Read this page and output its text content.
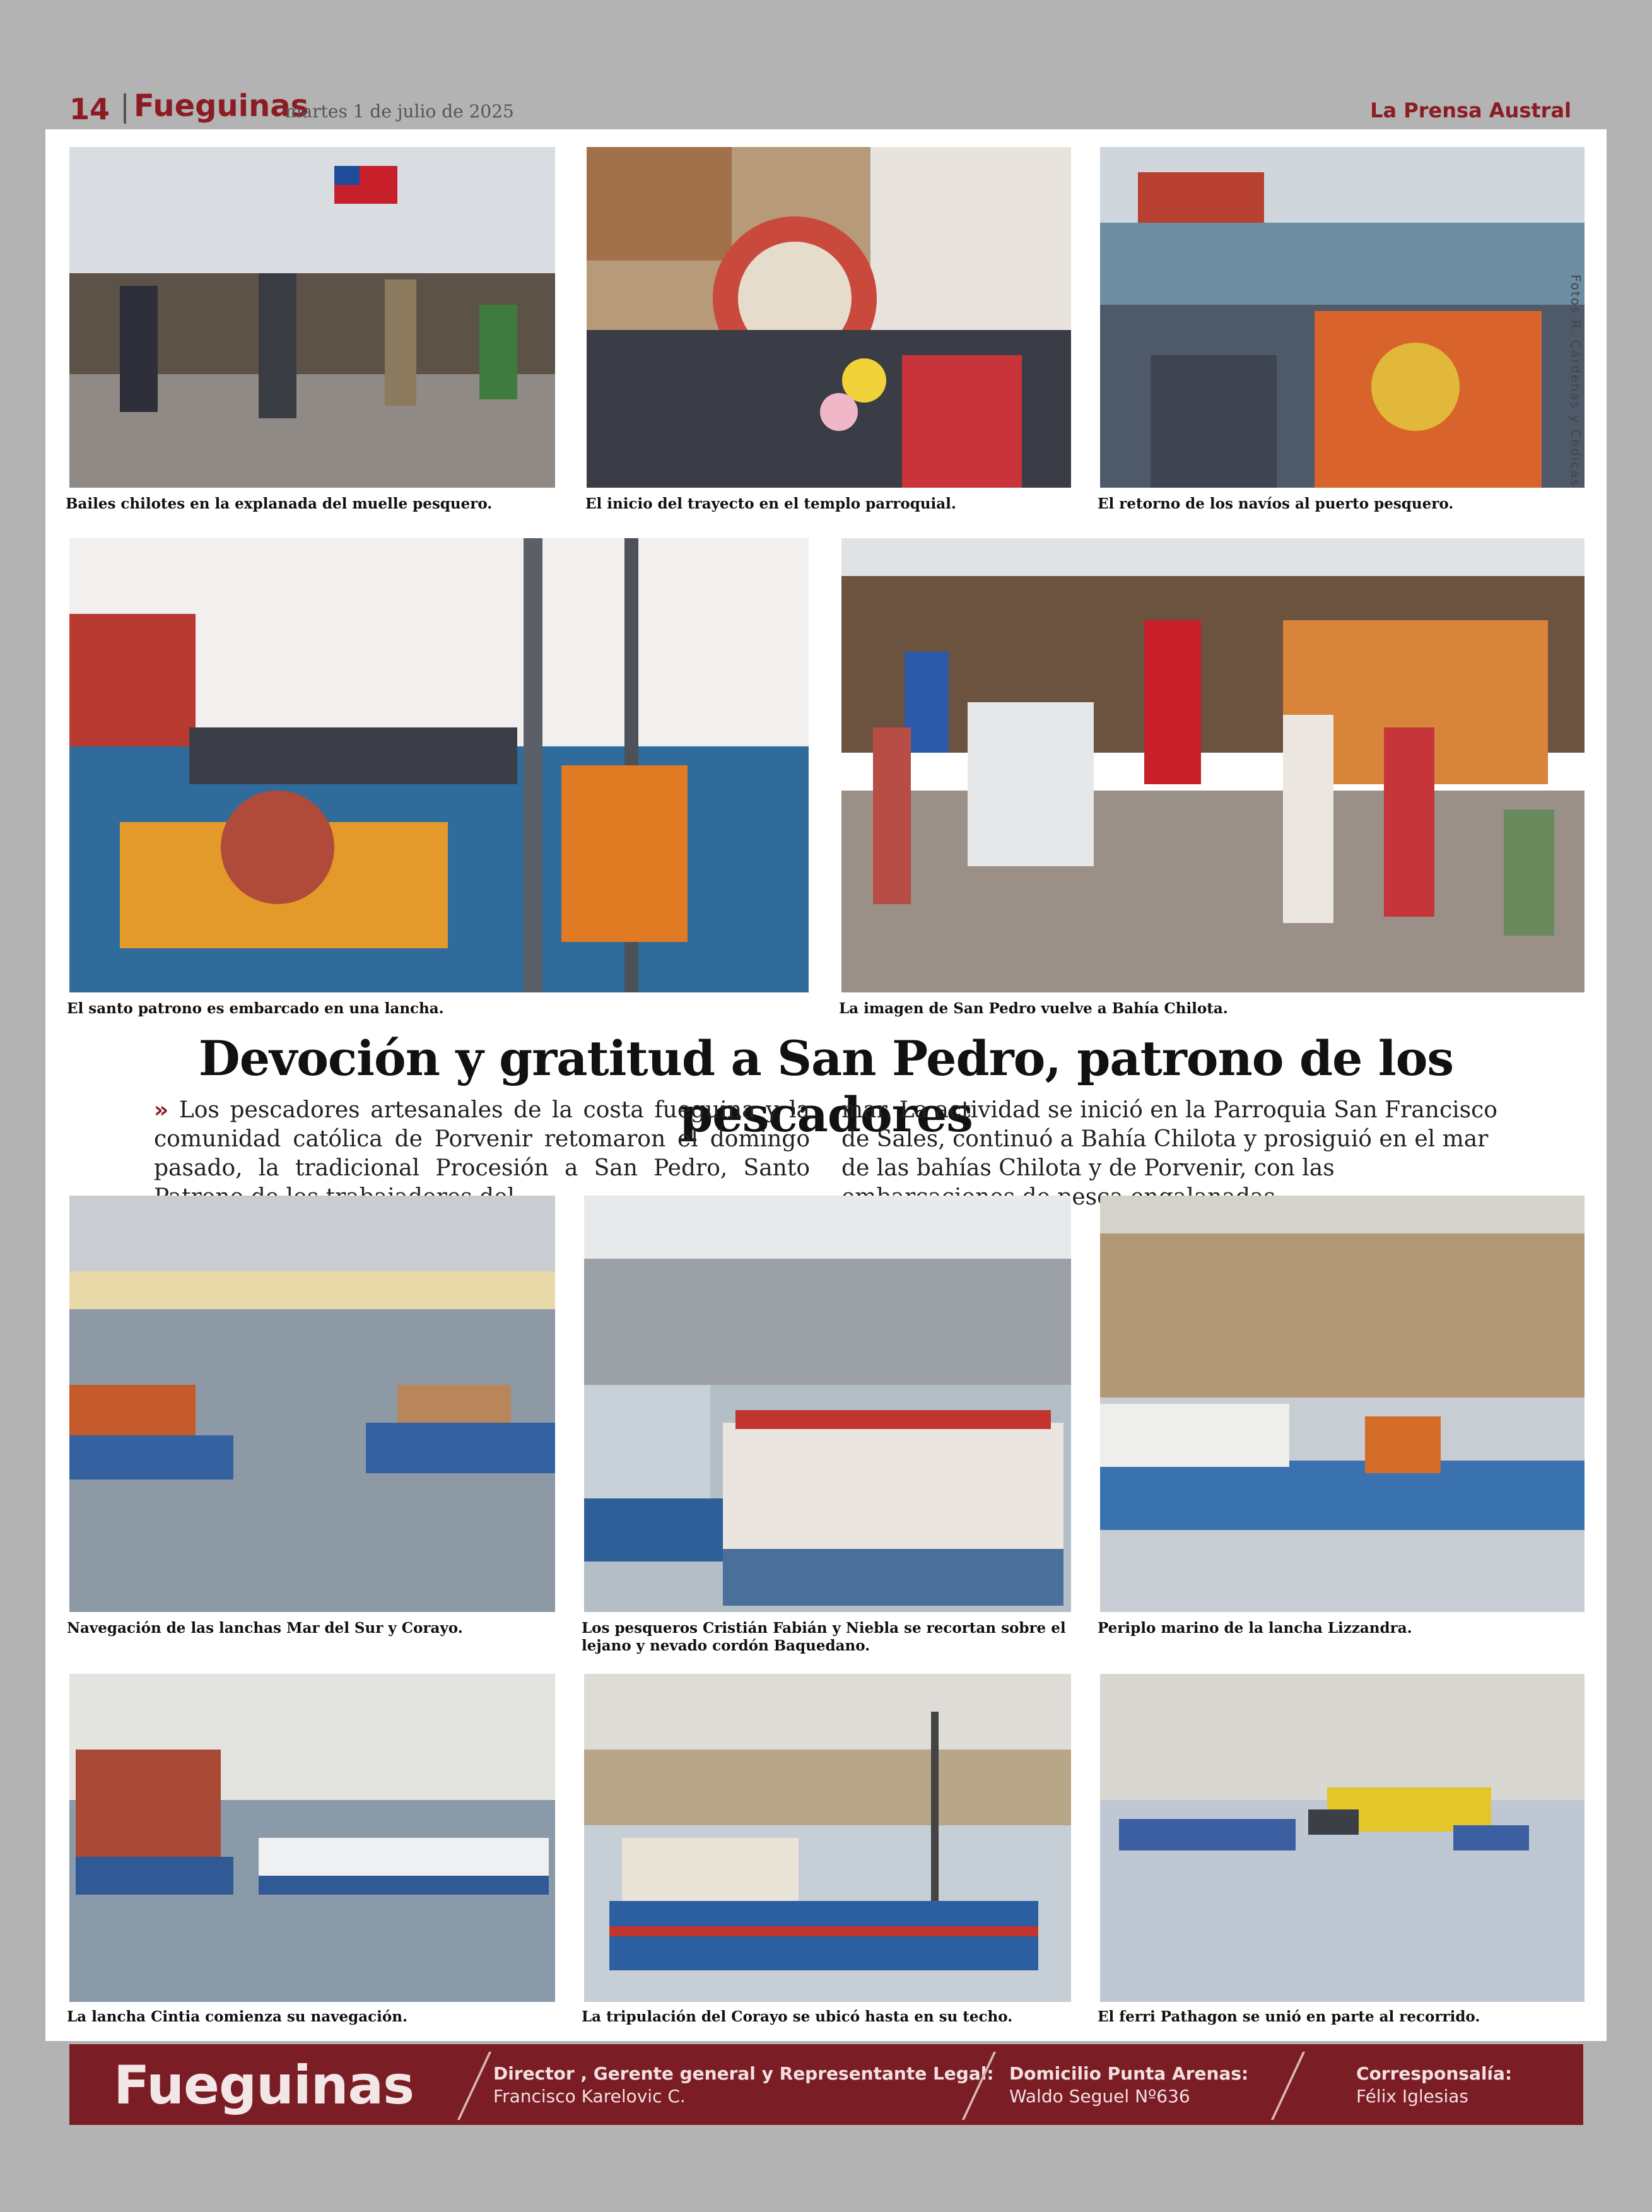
14 Fueguinas
martes 1 de julio de 2025	La Prensa Austral
Bailes chilotes en la explanada del muelle pesquero.	El inicio del trayecto en el templo parroquial.	El retorno de los navíos al puerto pesquero.
Fotos R. Cárdenas y Cedicas
El santo patrono es embarcado en una lancha.	La imagen de San Pedro vuelve a Bahía Chilota.
Devoción y gratitud a San Pedro, patrono de los pescadores
» Los pescadores artesanales de la costa fueguina y la comunidad católica de Porvenir retomaron el domingo pasado, la tradicional Procesión a San Pedro, Santo
mar. La actividad se inició en la Parroquia San Francisco de Sales, continuó a Bahía Chilota y prosiguió en el mar de las bahías Chilota y de Porvenir, con las pesca
Navegación de las lanchas Mar del Sur y Corayo.	Los pesqueros Cristián Fabián y Niebla se recortan sobre el lejano y nevado cordón Baquedano.
Periplo marino de la lancha Lizzandra.
La lancha Cintia comienza su navegación.	La tripulación del Corayo se ubicó hasta en su techo.	El ferri Pathagon se unió en parte al recorrido.
Fueguinas	Director , Gerente general y Representante Legal:
Francisco Karelovic C.
Domicilio Punta Arenas:
Waldo Seguel Nº636
Corresponsalía:
Félix Iglesias
